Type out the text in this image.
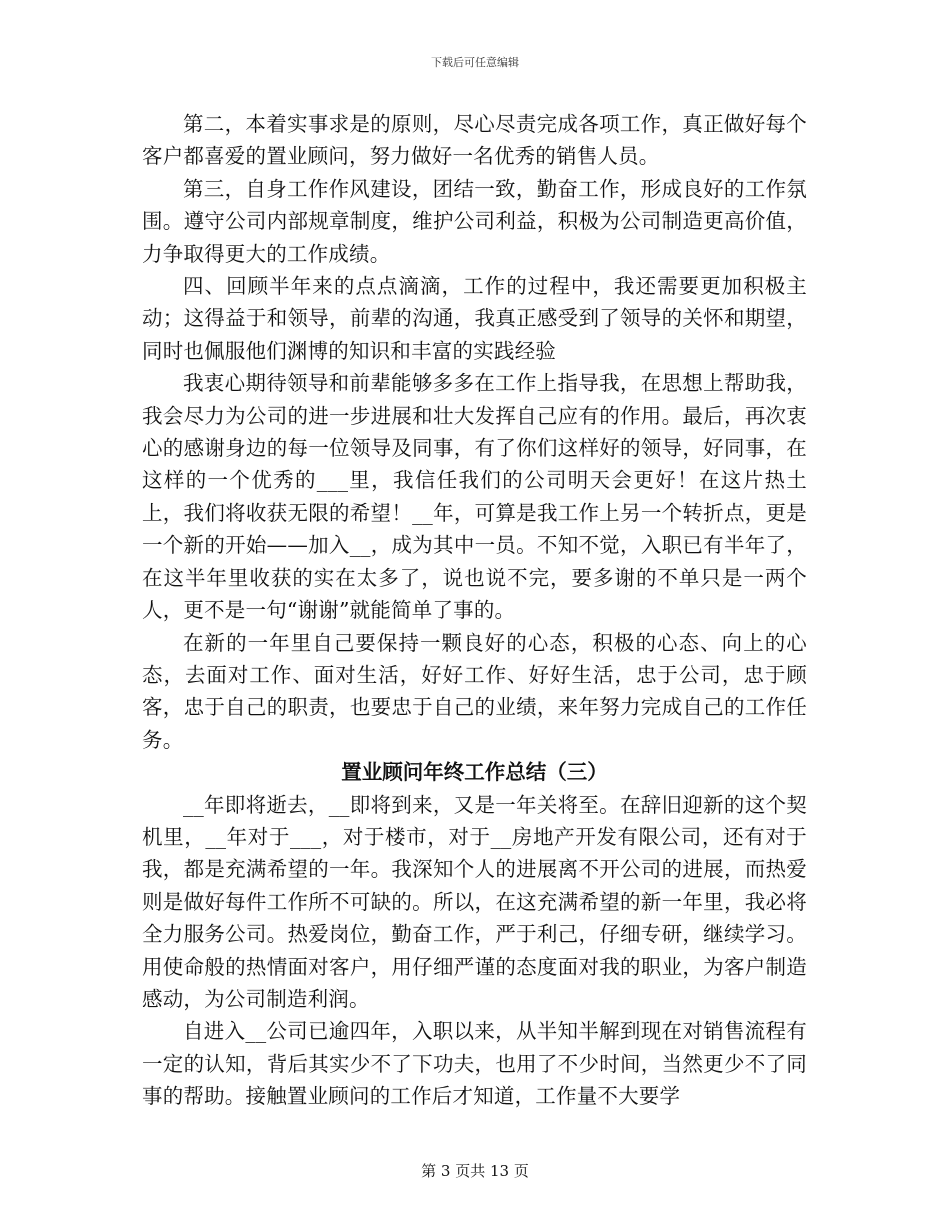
下载后可任意编辑

第二，本着实事求是的原则，尽心尽责完成各项工作，真正做好每个客户都喜爱的置业顾问，努力做好一名优秀的销售人员。

第三，自身工作作风建设，团结一致，勤奋工作，形成良好的工作氛围。遵守公司内部规章制度，维护公司利益，积极为公司制造更高价值，力争取得更大的工作成绩。

四、回顾半年来的点点滴滴，工作的过程中，我还需要更加积极主动；这得益于和领导，前辈的沟通，我真正感受到了领导的关怀和期望，同时也佩服他们渊博的知识和丰富的实践经验

我衷心期待领导和前辈能够多多在工作上指导我，在思想上帮助我，我会尽力为公司的进一步进展和壮大发挥自己应有的作用。最后，再次衷心的感谢身边的每一位领导及同事，有了你们这样好的领导，好同事，在这样的一个优秀的___里，我信任我们的公司明天会更好！在这片热土上，我们将收获无限的希望！__年，可算是我工作上另一个转折点，更是一个新的开始——加入__，成为其中一员。不知不觉，入职已有半年了，在这半年里收获的实在太多了，说也说不完，要多谢的不单只是一两个人，更不是一句“谢谢”就能简单了事的。

在新的一年里自己要保持一颗良好的心态，积极的心态、向上的心态，去面对工作、面对生活，好好工作、好好生活，忠于公司，忠于顾客，忠于自己的职责，也要忠于自己的业绩，来年努力完成自己的工作任务。

置业顾问年终工作总结（三）

__年即将逝去，__即将到来，又是一年关将至。在辞旧迎新的这个契机里，__年对于___，对于楼市，对于__房地产开发有限公司，还有对于我，都是充满希望的一年。我深知个人的进展离不开公司的进展，而热爱则是做好每件工作所不可缺的。所以，在这充满希望的新一年里，我必将全力服务公司。热爱岗位，勤奋工作，严于利己，仔细专研，继续学习。用使命般的热情面对客户，用仔细严谨的态度面对我的职业，为客户制造感动，为公司制造利润。

自进入__公司已逾四年，入职以来，从半知半解到现在对销售流程有一定的认知，背后其实少不了下功夫，也用了不少时间，当然更少不了同事的帮助。接触置业顾问的工作后才知道，工作量不大要学

第 3 页共 13 页
